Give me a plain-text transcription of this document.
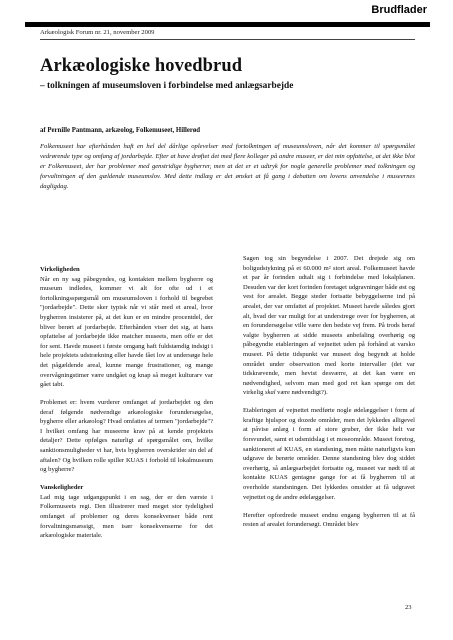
Brudflader
Arkæologisk Forum nr. 21, november 2009
Arkæologiske hovedbrud
– tolkningen af museumsloven i forbindelse med anlægsarbejde
af Pernille Pantmann, arkæolog, Folkemuseet, Hillerød

Folkemuseet har efterhånden haft en hel del dårlige oplevelser med fortolkningen af museumsloven, når det kommer til spørgsmålet vedrørende type og omfang af jordarbejde. Efter at have drøftet det med flere kolleger på andre museer, er det min opfattelse, at det ikke blot er Folkemuseet, der har problemer med genstridige bygherrer, men at det er et udtryk for nogle generelle problemer med tolkningen og forvaltningen af den gældende museumslov. Med dette indlæg er det ønsket at få gang i debatten om lovens anvendelse i museernes dagligdag.

Virkeligheden

Når en ny sag påbegyndes, og kontakten mellem bygherre og museum indledes, kommer vi alt for ofte ud i et fortolkningsspørgsmål om museumsloven i forhold til begrebet "jordarbejde". Dette sker typisk når vi står med et areal, hvor bygherren insisterer på, at det kun er en mindre procentdel, der bliver berørt af jordarbejde. Efterhånden viser det sig, at hans opfattelse af jordarbejde ikke matcher museets, men offe er det for sent. Havde museet i første omgang haft fuldstændig indsigt i hele projektets udstrækning eller havde fået lov at undersøge hele det pågældende areal, kunne mange frustrationer, og mange overvågningstimer være undgået og knap så meget kulturarv var gået tabt.

Problemet er: hvem vurderer omfanget af jordarbejdet og den deraf følgende nødvendige arkæologiske forundersøgelse, bygherre eller arkæolog? Hvad omfattes af termen "jordarbejde"? I hvilket omfang har museerne krav på at kende projektets detaljer? Dette opfølges naturligt af spørgsmålet om, hvilke sanktionsmuligheder vi har, hvis bygherren overskrider sin del af aftalen? Og hvilken rolle spiller KUAS i forhold til lokalmuseum og bygherre?

Vanskeligheder

Lad mig tage udgangspunkt i en sag, der er den værste i Folkemuseets regi. Den illustrerer med meget stor tydelighed omfanget af problemer og deres konsekvenser både rent forvaltningsmæssigt, men især konsekvenserne for det arkæologiske materiale.

Sagen tog sin begyndelse i 2007. Det drejede sig om boligudstykning på et 60.000 m² stort areal. Folkemuseet havde et par år forinden udtalt sig i forbindelse med lokalplanen. Desuden var der kort forinden foretaget udgravninger både øst og vest for arealet. Begge steder fortsatte bebyggelserne ind på arealet, der var omfattet af projektet. Museet havde således gjort alt, hvad der var muligt for at understrege over for bygherren, at en forundersøgelse ville være den bedste vej frem. På trods heraf valgte bygherren at sidde museets anbefaling overhørig og påbegyndte etableringen af vejnettet uden på forhånd at varsko museet. På dette tidspunkt var museet dog begyndt at holde området under observation med korte intervaller (det var tidskrævende, men hevist desværre, at det kan være en nødvendighed, selvom man med god ret kan spørge om det virkelig skal være nødvendigt?).

Etableringen af vejnettet medførte nogle ødelæggelser i form af kraftige hjulspor og dozede områder, men det lykkedes alligevel at påvise anlæg i form af store gruber, der ikke helt var forsvundet, samt et udsmidslag i et moseområde. Museet foretog, sanktioneret af KUAS, en standsning, men måtte naturligvis kun udgrave de berørte områder. Denne standsning blev dog siddet overhørig, så anlægsarbejdet fortsatte og, museet var nødt til at kontakte KUAS gentagne gange for at få bygherren til at overholde standsningen. Det lykkedes omsider at få udgravet vejnettet og de andre ødelæggelser.

Herefter opfordrede museet endnu engang bygherren til at få resten af arealet forundersøgt. Området blev

23
